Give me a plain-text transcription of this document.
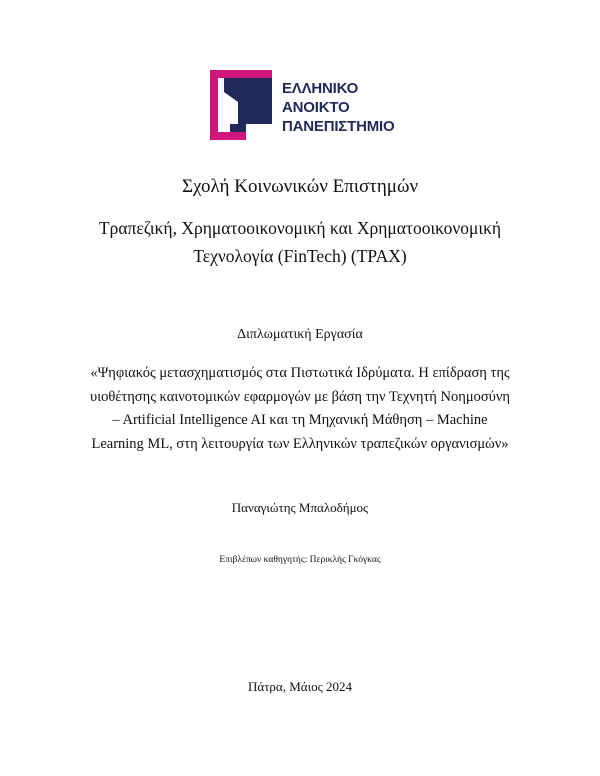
ΕΛΛΗΝΙΚΟ
ΑΝΟΙΚΤΟ
ΠΑΝΕΠΙΣΤΗΜΙΟ
Σχολή Κοινωνικών Επιστημών
Τραπεζική, Χρηματοοικονομική και Χρηματοοικονομική
Τεχνολογία (FinTech) (ΤΡΑΧ)
Διπλωματική Εργασία
«Ψηφιακός μετασχηματισμός στα Πιστωτικά Ιδρύματα. Η επίδραση της
υιοθέτησης καινοτομικών εφαρμογών με βάση την Τεχνητή Νοημοσύνη
– Artificial Intelligence AI και τη Μηχανική Μάθηση – Machine
Learning ML, στη λειτουργία των Ελληνικών τραπεζικών οργανισμών»
Παναγιώτης Μπαλοδήμος
Επιβλέπων καθηγητής: Περικλής Γκόγκας
Πάτρα, Μάιος 2024
